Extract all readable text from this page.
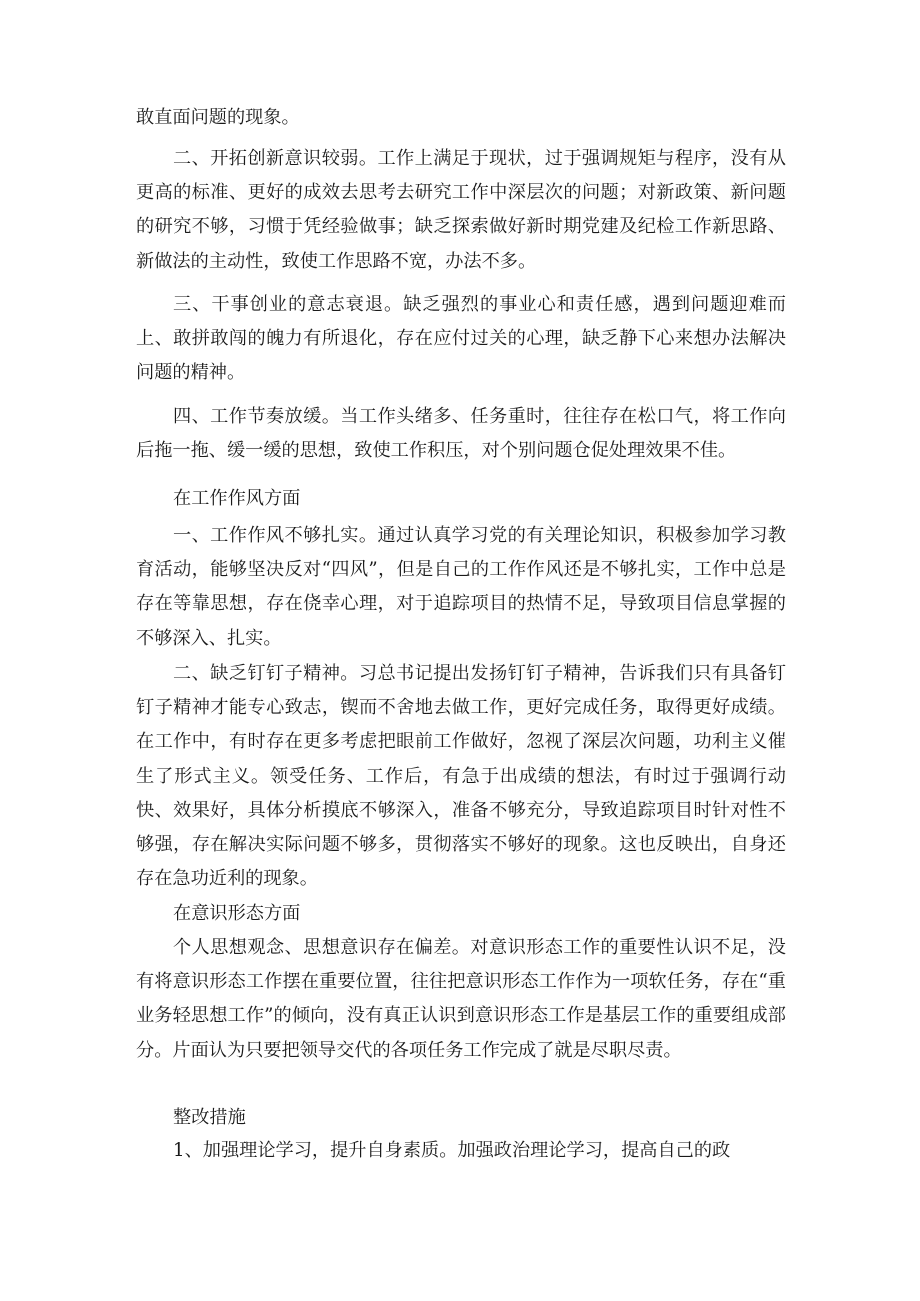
敢直面问题的现象。

二、开拓创新意识较弱。工作上满足于现状，过于强调规矩与程序，没有从更高的标准、更好的成效去思考去研究工作中深层次的问题；对新政策、新问题的研究不够，习惯于凭经验做事；缺乏探索做好新时期党建及纪检工作新思路、新做法的主动性，致使工作思路不宽，办法不多。

三、干事创业的意志衰退。缺乏强烈的事业心和责任感，遇到问题迎难而上、敢拼敢闯的魄力有所退化，存在应付过关的心理，缺乏静下心来想办法解决问题的精神。

四、工作节奏放缓。当工作头绪多、任务重时，往往存在松口气，将工作向后拖一拖、缓一缓的思想，致使工作积压，对个别问题仓促处理效果不佳。

在工作作风方面

一、工作作风不够扎实。通过认真学习党的有关理论知识，积极参加学习教育活动，能够坚决反对“四风”，但是自己的工作作风还是不够扎实，工作中总是存在等靠思想，存在侥幸心理，对于追踪项目的热情不足，导致项目信息掌握的不够深入、扎实。

二、缺乏钉钉子精神。习总书记提出发扬钉钉子精神，告诉我们只有具备钉钉子精神才能专心致志，锲而不舍地去做工作，更好完成任务，取得更好成绩。在工作中，有时存在更多考虑把眼前工作做好，忽视了深层次问题，功利主义催生了形式主义。领受任务、工作后，有急于出成绩的想法，有时过于强调行动快、效果好，具体分析摸底不够深入，准备不够充分，导致追踪项目时针对性不够强，存在解决实际问题不够多，贯彻落实不够好的现象。这也反映出，自身还存在急功近利的现象。

在意识形态方面

个人思想观念、思想意识存在偏差。对意识形态工作的重要性认识不足，没有将意识形态工作摆在重要位置，往往把意识形态工作作为一项软任务，存在“重业务轻思想工作”的倾向，没有真正认识到意识形态工作是基层工作的重要组成部分。片面认为只要把领导交代的各项任务工作完成了就是尽职尽责。

整改措施

1、加强理论学习，提升自身素质。加强政治理论学习，提高自己的政
